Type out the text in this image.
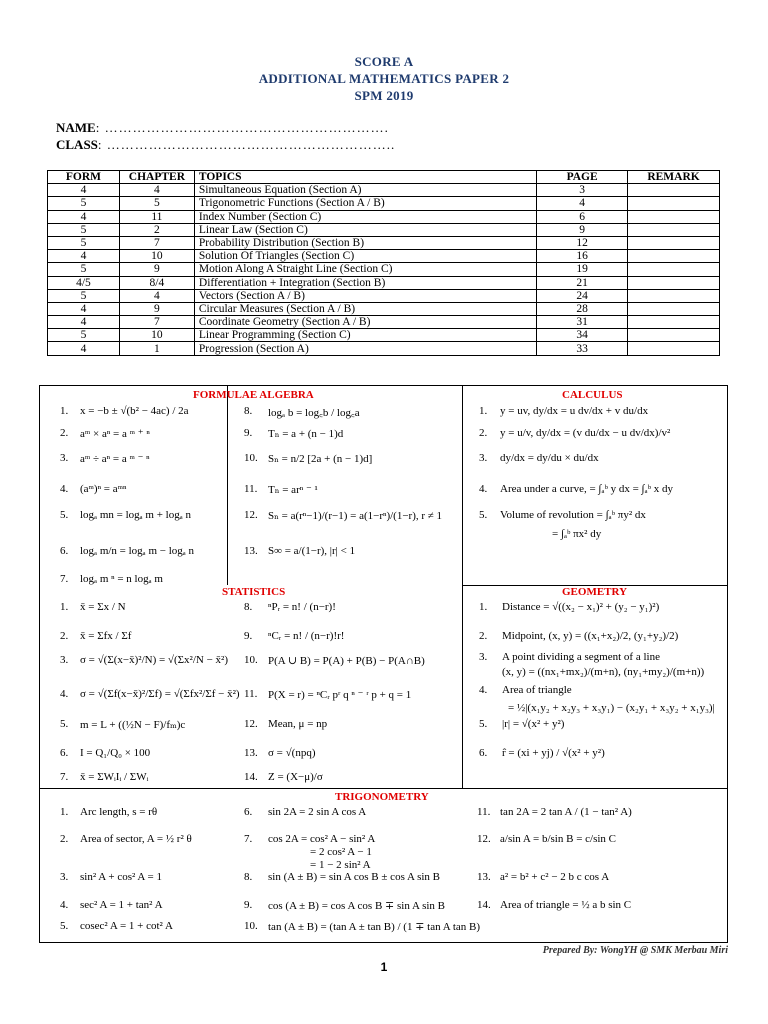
SCORE A
ADDITIONAL MATHEMATICS PAPER 2
SPM 2019
NAME: …………………………………………………….
CLASS: ……………………………………………………..
FORM	CHAPTER	TOPICS	PAGE	REMARK
4	4	Simultaneous Equation (Section A)	3	
5	5	Trigonometric Functions (Section A / B)	4	
4	11	Index Number (Section C)	6	
5	2	Linear Law (Section C)	9	
5	7	Probability Distribution (Section B)	12	
4	10	Solution Of Triangles (Section C)	16	
5	9	Motion Along A Straight Line (Section C)	19	
4/5	8/4	Differentiation + Integration (Section B)	21	
5	4	Vectors (Section A / B)	24	
4	9	Circular Measures (Section A / B)	28	
4	7	Coordinate Geometry (Section A / B)	31	
5	10	Linear Programming (Section C)	34	
4	1	Progression (Section A)	33	
FORMULAE ALGEBRA	CALCULUS
STATISTICS	GEOMETRY
TRIGONOMETRY
1. x = −b ± √(b² − 4ac) / 2a
2. aᵐ × aⁿ = a ᵐ ⁺ ⁿ
3. aᵐ ÷ aⁿ = a ᵐ ⁻ ⁿ
4. (aᵐ)ⁿ = aᵐⁿ
5. logₐ mn = logₐ m + logₐ n
6. logₐ m/n = logₐ m − logₐ n
7. logₐ m ⁿ = n logₐ m
8. logₐ b = log꜀b / log꜀a
9. Tₙ = a + (n − 1)d
10. Sₙ = n/2 [2a + (n − 1)d]
11. Tₙ = arⁿ ⁻ ¹
12. Sₙ = a(rⁿ−1)/(r−1) = a(1−rⁿ)/(1−r), r ≠ 1
13. S∞ = a/(1−r), |r| < 1
1. y = uv, dy/dx = u dv/dx + v du/dx
2. y = u/v, dy/dx = (v du/dx − u dv/dx)/v²
3. dy/dx = dy/du × du/dx
4. Area under a curve, = ∫ₐᵇ y dx = ∫ₐᵇ x dy
5. Volume of revolution = ∫ₐᵇ πy² dx
= ∫ₐᵇ πx² dy
1. x̄ = Σx / N
2. x̄ = Σfx / Σf
3. σ = √(Σ(x−x̄)²/N) = √(Σx²/N − x̄²)
4. σ = √(Σf(x−x̄)²/Σf) = √(Σfx²/Σf − x̄²)
5. m = L + ((½N − F)/fₘ)c
6. I = Q₁/Q₀ × 100
7. x̄ = ΣWᵢIᵢ / ΣWᵢ
8. ⁿPᵣ = n! / (n−r)!
9. ⁿCᵣ = n! / (n−r)!r!
10. P(A ∪ B) = P(A) + P(B) − P(A∩B)
11. P(X = r) = ⁿCᵣ pʳ q ⁿ ⁻ ʳ p + q = 1
12. Mean, μ = np
13. σ = √(npq)
14. Z = (X−μ)/σ
1. Distance = √((x₂ − x₁)² + (y₂ − y₁)²)
2. Midpoint, (x, y) = ((x₁+x₂)/2, (y₁+y₂)/2)
3. A point dividing a segment of a line
(x, y) = ((nx₁+mx₂)/(m+n), (ny₁+my₂)/(m+n))
4. Area of triangle
= ½|(x₁y₂ + x₂y₃ + x₃y₁) − (x₂y₁ + x₃y₂ + x₁y₃)|
5. |r| = √(x² + y²)
6. r̂ = (xi + yj) / √(x² + y²)
1. Arc length, s = rθ
2. Area of sector, A = ½ r² θ
3. sin² A + cos² A = 1
4. sec² A = 1 + tan² A
5. cosec² A = 1 + cot² A
6. sin 2A = 2 sin A cos A
7. cos 2A = cos² A − sin² A
= 2 cos² A − 1
= 1 − 2 sin² A
8. sin (A ± B) = sin A cos B ± cos A sin B
9. cos (A ± B) = cos A cos B ∓ sin A sin B
10. tan (A ± B) = (tan A ± tan B) / (1 ∓ tan A tan B)
11. tan 2A = 2 tan A / (1 − tan² A)
12. a/sin A = b/sin B = c/sin C
13. a² = b² + c² − 2 b c cos A
14. Area of triangle = ½ a b sin C
Prepared By: WongYH @ SMK Merbau Miri
1
